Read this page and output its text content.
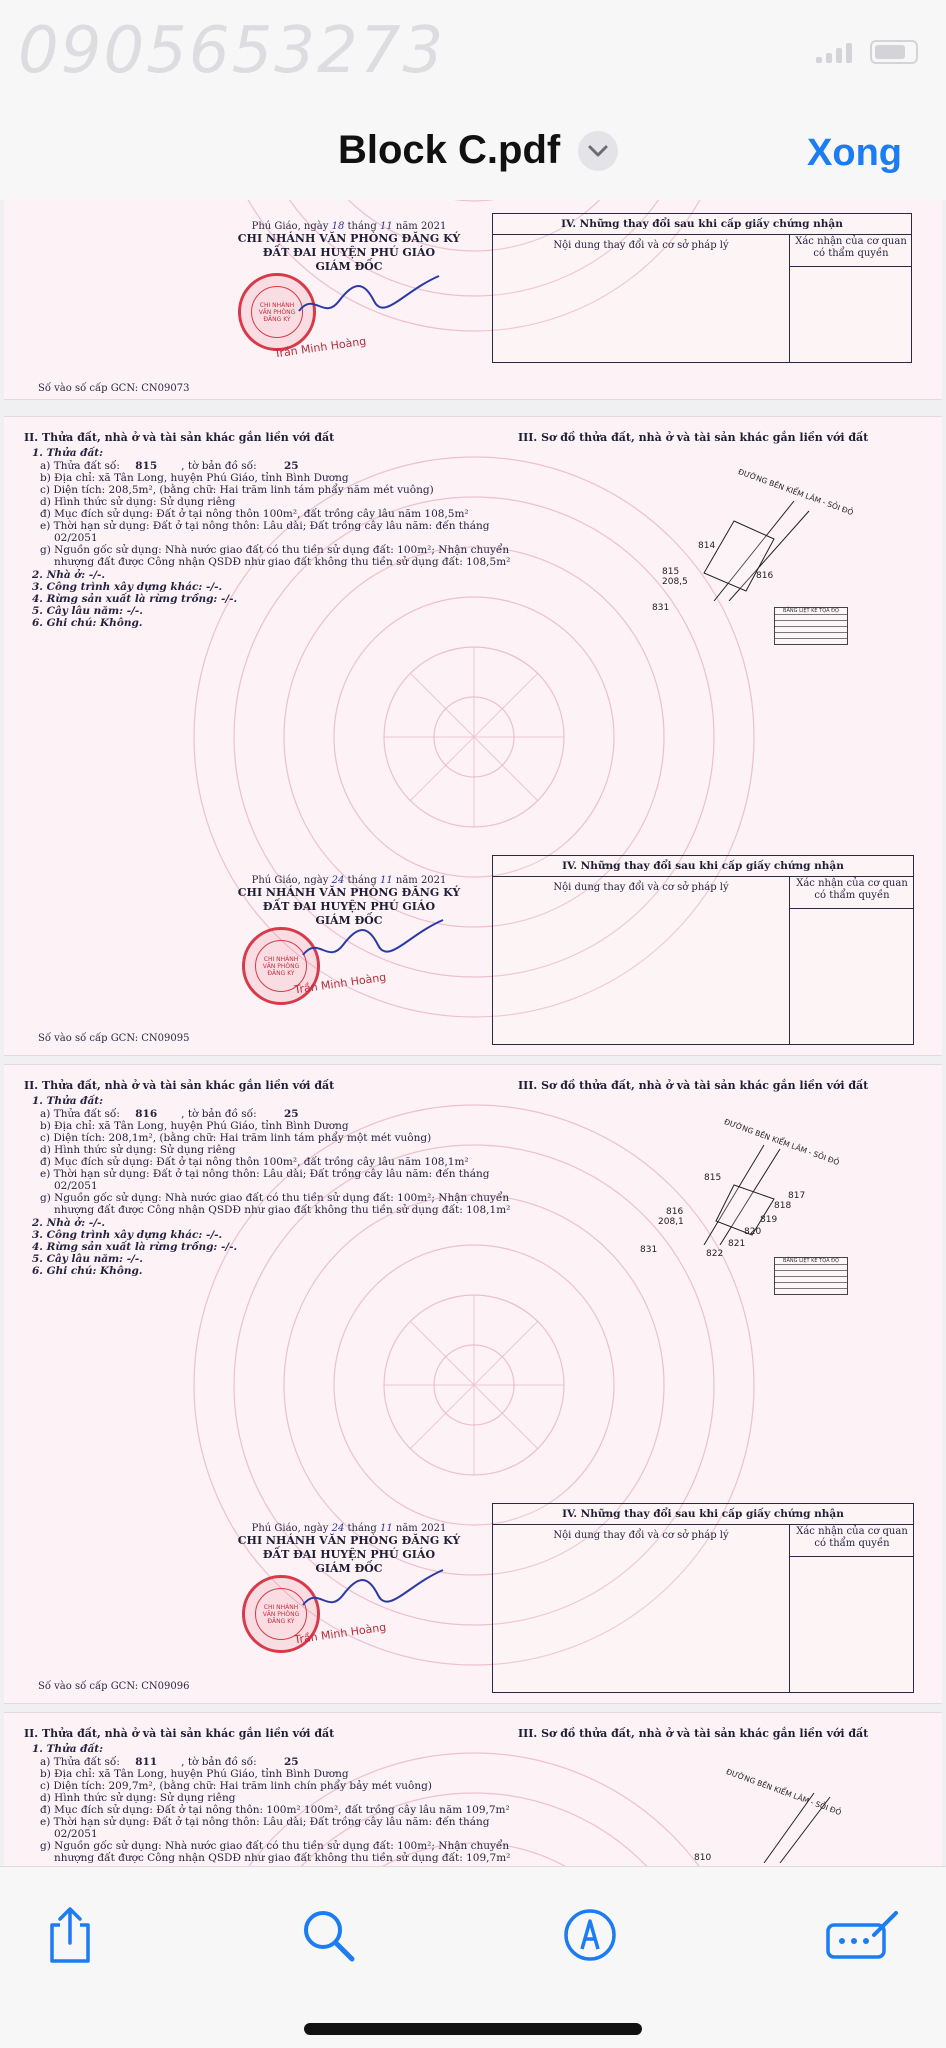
0905653273
Block C.pdf	Xong
Phú Giáo, ngày 18 tháng 11 năm 2021
CHI NHÁNH VĂN PHÒNG ĐĂNG KÝ
ĐẤT ĐAI HUYỆN PHÚ GIÁO
GIÁM ĐỐC
CHI NHÁNH
VĂN PHÒNG
ĐĂNG KÝ
Trần Minh Hoàng
Số vào số cấp GCN: CN09073
IV. Những thay đổi sau khi cấp giấy chứng nhận
Nội dung thay đổi và cơ sở pháp lý	Xác nhận của cơ quan có thẩm quyền
II. Thửa đất, nhà ở và tài sản khác gắn liền với đất	III. Sơ đồ thửa đất, nhà ở và tài sản khác gắn liền với đất
1. Thửa đất:
a) Thửa đất số: 815 , tờ bản đồ số:	25
b) Địa chỉ: xã Tân Long, huyện Phú Giáo, tỉnh Bình Dương
c) Diện tích: 208,5m², (bằng chữ: Hai trăm linh tám phẩy năm mét vuông)
d) Hình thức sử dụng: Sử dụng riêng
đ) Mục đích sử dụng: Đất ở tại nông thôn 100m², đất trồng cây lâu năm 108,5m²
e) Thời hạn sử dụng: Đất ở tại nông thôn: Lâu dài; Đất trồng cây lâu năm: đến tháng
02/2051
g) Nguồn gốc sử dụng: Nhà nước giao đất có thu tiền sử dụng đất: 100m²; Nhận chuyển
nhượng đất được Công nhận QSDĐ như giao đất không thu tiền sử dụng đất: 108,5m²
2. Nhà ở: -/-.
3. Công trình xây dựng khác: -/-.
4. Rừng sản xuất là rừng trồng: -/-.
5. Cây lâu năm: -/-.
6. Ghi chú: Không.
ĐƯỜNG BÊN KIỂM LÂM - SỎI ĐỎ
814
815
208,5
816
831	BẢNG LIỆT KÊ TỌA ĐỘ
Phú Giáo, ngày 24 tháng 11 năm 2021
CHI NHÁNH VĂN PHÒNG ĐĂNG KÝ
ĐẤT ĐAI HUYỆN PHÚ GIÁO
GIÁM ĐỐC
CHI NHÁNH
VĂN PHÒNG
ĐĂNG KÝ
Trần Minh Hoàng
Số vào số cấp GCN: CN09095
IV. Những thay đổi sau khi cấp giấy chứng nhận
Nội dung thay đổi và cơ sở pháp lý	Xác nhận của cơ quan có thẩm quyền
II. Thửa đất, nhà ở và tài sản khác gắn liền với đất	III. Sơ đồ thửa đất, nhà ở và tài sản khác gắn liền với đất
1. Thửa đất:
a) Thửa đất số: 816 , tờ bản đồ số:	25
b) Địa chỉ: xã Tân Long, huyện Phú Giáo, tỉnh Bình Dương
c) Diện tích: 208,1m², (bằng chữ: Hai trăm linh tám phẩy một mét vuông)
d) Hình thức sử dụng: Sử dụng riêng
đ) Mục đích sử dụng: Đất ở tại nông thôn 100m², đất trồng cây lâu năm 108,1m²
e) Thời hạn sử dụng: Đất ở tại nông thôn: Lâu dài; Đất trồng cây lâu năm: đến tháng
02/2051
g) Nguồn gốc sử dụng: Nhà nước giao đất có thu tiền sử dụng đất: 100m²; Nhận chuyển
nhượng đất được Công nhận QSDĐ như giao đất không thu tiền sử dụng đất: 108,1m²
2. Nhà ở: -/-.
3. Công trình xây dựng khác: -/-.
4. Rừng sản xuất là rừng trồng: -/-.
5. Cây lâu năm: -/-.
6. Ghi chú: Không.
ĐƯỜNG BÊN KIỂM LÂM - SỎI ĐỎ
815
816
208,1
817
818
819
820
821
822
831
BẢNG LIỆT KÊ TỌA ĐỘ
Phú Giáo, ngày 24 tháng 11 năm 2021
CHI NHÁNH VĂN PHÒNG ĐĂNG KÝ
ĐẤT ĐAI HUYỆN PHÚ GIÁO
GIÁM ĐỐC
CHI NHÁNH
VĂN PHÒNG
ĐĂNG KÝ
Trần Minh Hoàng
Số vào số cấp GCN: CN09096
IV. Những thay đổi sau khi cấp giấy chứng nhận
Nội dung thay đổi và cơ sở pháp lý	Xác nhận của cơ quan có thẩm quyền
II. Thửa đất, nhà ở và tài sản khác gắn liền với đất	III. Sơ đồ thửa đất, nhà ở và tài sản khác gắn liền với đất
1. Thửa đất:
a) Thửa đất số: 811 , tờ bản đồ số:	25
b) Địa chỉ: xã Tân Long, huyện Phú Giáo, tỉnh Bình Dương
c) Diện tích: 209,7m², (bằng chữ: Hai trăm linh chín phẩy bảy mét vuông)
d) Hình thức sử dụng: Sử dụng riêng
đ) Mục đích sử dụng: Đất ở tại nông thôn: 100m² 100m², đất trồng cây lâu năm 109,7m²
e) Thời hạn sử dụng: Đất ở tại nông thôn: Lâu dài; Đất trồng cây lâu năm: đến tháng
02/2051
g) Nguồn gốc sử dụng: Nhà nước giao đất có thu tiền sử dụng đất: 100m²; Nhận chuyển
nhượng đất được Công nhận QSDĐ như giao đất không thu tiền sử dụng đất: 109,7m²
ĐƯỜNG BÊN KIỂM LÂM - SỎI ĐỎ
810
